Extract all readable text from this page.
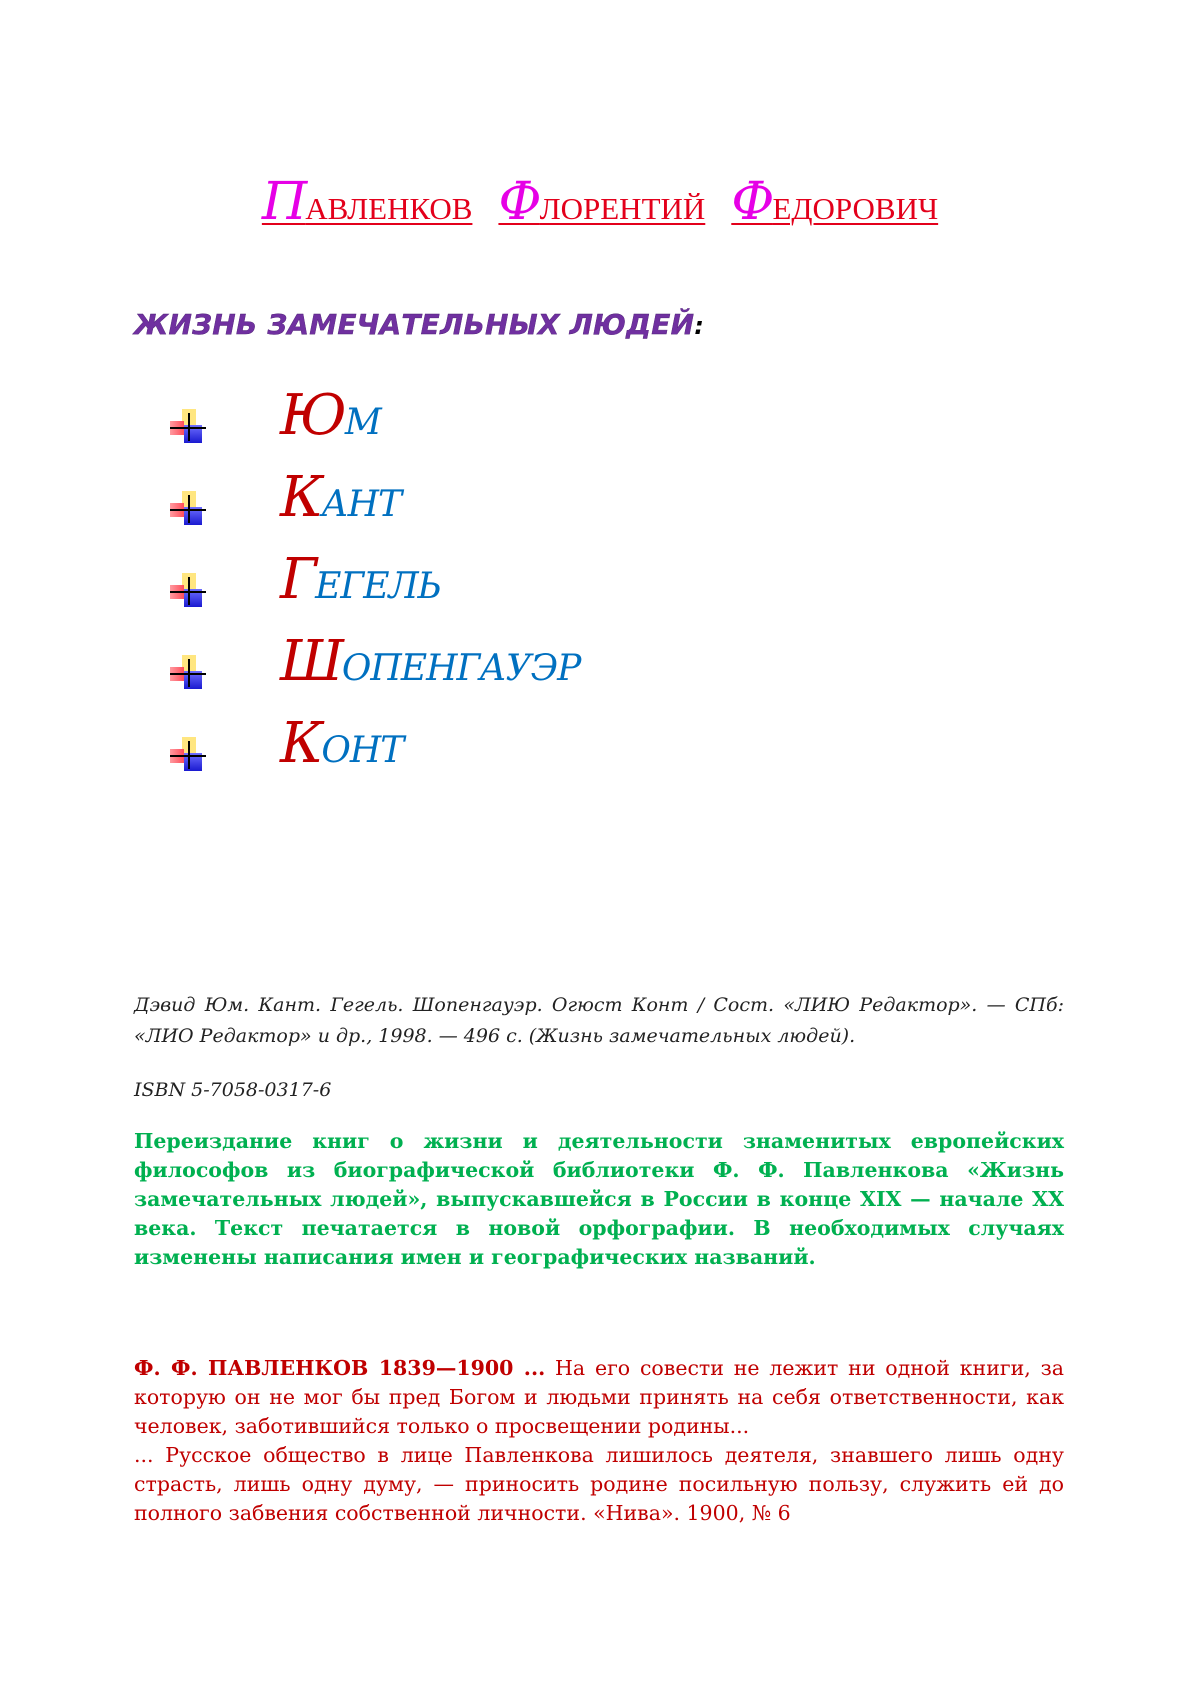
ПАВЛЕНКОВ ФЛОРЕНТИЙ ФЕДОРОВИЧ
ЖИЗНЬ ЗАМЕЧАТЕЛЬНЫХ ЛЮДЕЙ:
ЮМ
КАНТ
ГЕГЕЛЬ
ШОПЕНГАУЭР
КОНТ

Дэвид Юм. Кант. Гегель. Шопенгауэр. Огюст Конт / Сост. «ЛИЮ Редактор». — СПб: «ЛИО Редактор» и др., 1998. — 496 с. (Жизнь замечательных людей).

ISBN 5-7058-0317-6

Переиздание книг о жизни и деятельности знаменитых европейских философов из биографической библиотеки Ф. Ф. Павленкова «Жизнь замечательных людей», выпускавшейся в России в конце XIX — начале XX века. Текст печатается в новой орфографии. В необходимых случаях изменены написания имен и географических названий.

Ф. Ф. ПАВЛЕНКОВ 1839—1900 ... На его совести не лежит ни одной книги, за которую он не мог бы пред Богом и людьми принять на себя ответственности, как человек, заботившийся только о просвещении родины...
... Русское общество в лице Павленкова лишилось деятеля, знавшего лишь одну страсть, лишь одну думу, — приносить родине посильную пользу, служить ей до полного забвения собственной личности. «Нива». 1900, № 6
